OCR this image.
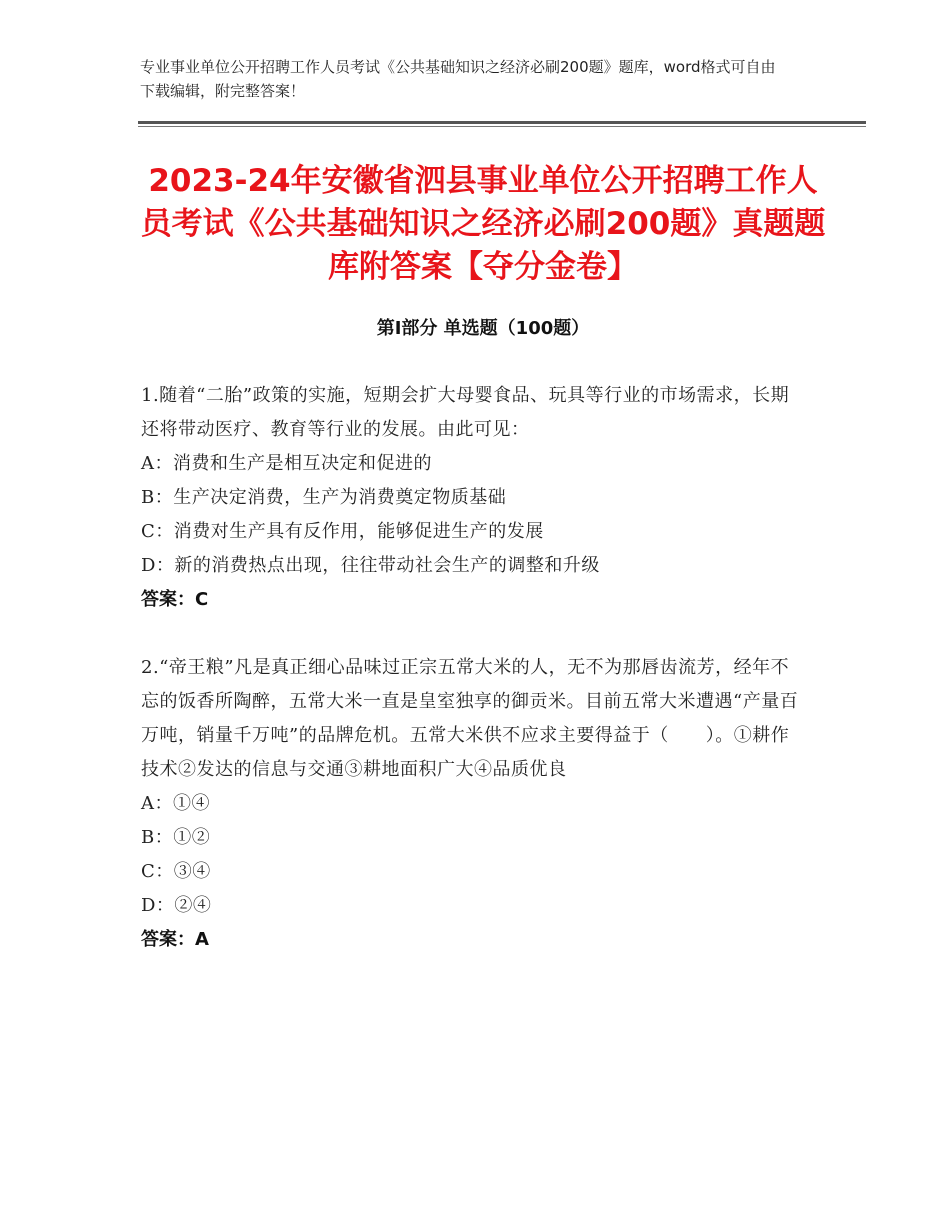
专业事业单位公开招聘工作人员考试《公共基础知识之经济必刷200题》题库，word格式可自由下载编辑，附完整答案！
2023-24年安徽省泗县事业单位公开招聘工作人员考试《公共基础知识之经济必刷200题》真题题库附答案【夺分金卷】
第Ⅰ部分 单选题（100题）

1.随着“二胎”政策的实施，短期会扩大母婴食品、玩具等行业的市场需求，长期还将带动医疗、教育等行业的发展。由此可见：

A：消费和生产是相互决定和促进的

B：生产决定消费，生产为消费奠定物质基础

C：消费对生产具有反作用，能够促进生产的发展

D：新的消费热点出现，往往带动社会生产的调整和升级

答案：C

2.“帝王粮”凡是真正细心品味过正宗五常大米的人，无不为那唇齿流芳，经年不忘的饭香所陶醉，五常大米一直是皇室独享的御贡米。目前五常大米遭遇“产量百万吨，销量千万吨”的品牌危机。五常大米供不应求主要得益于（　　）。①耕作技术②发达的信息与交通③耕地面积广大④品质优良

A：①④

B：①②

C：③④

D：②④

答案：A
